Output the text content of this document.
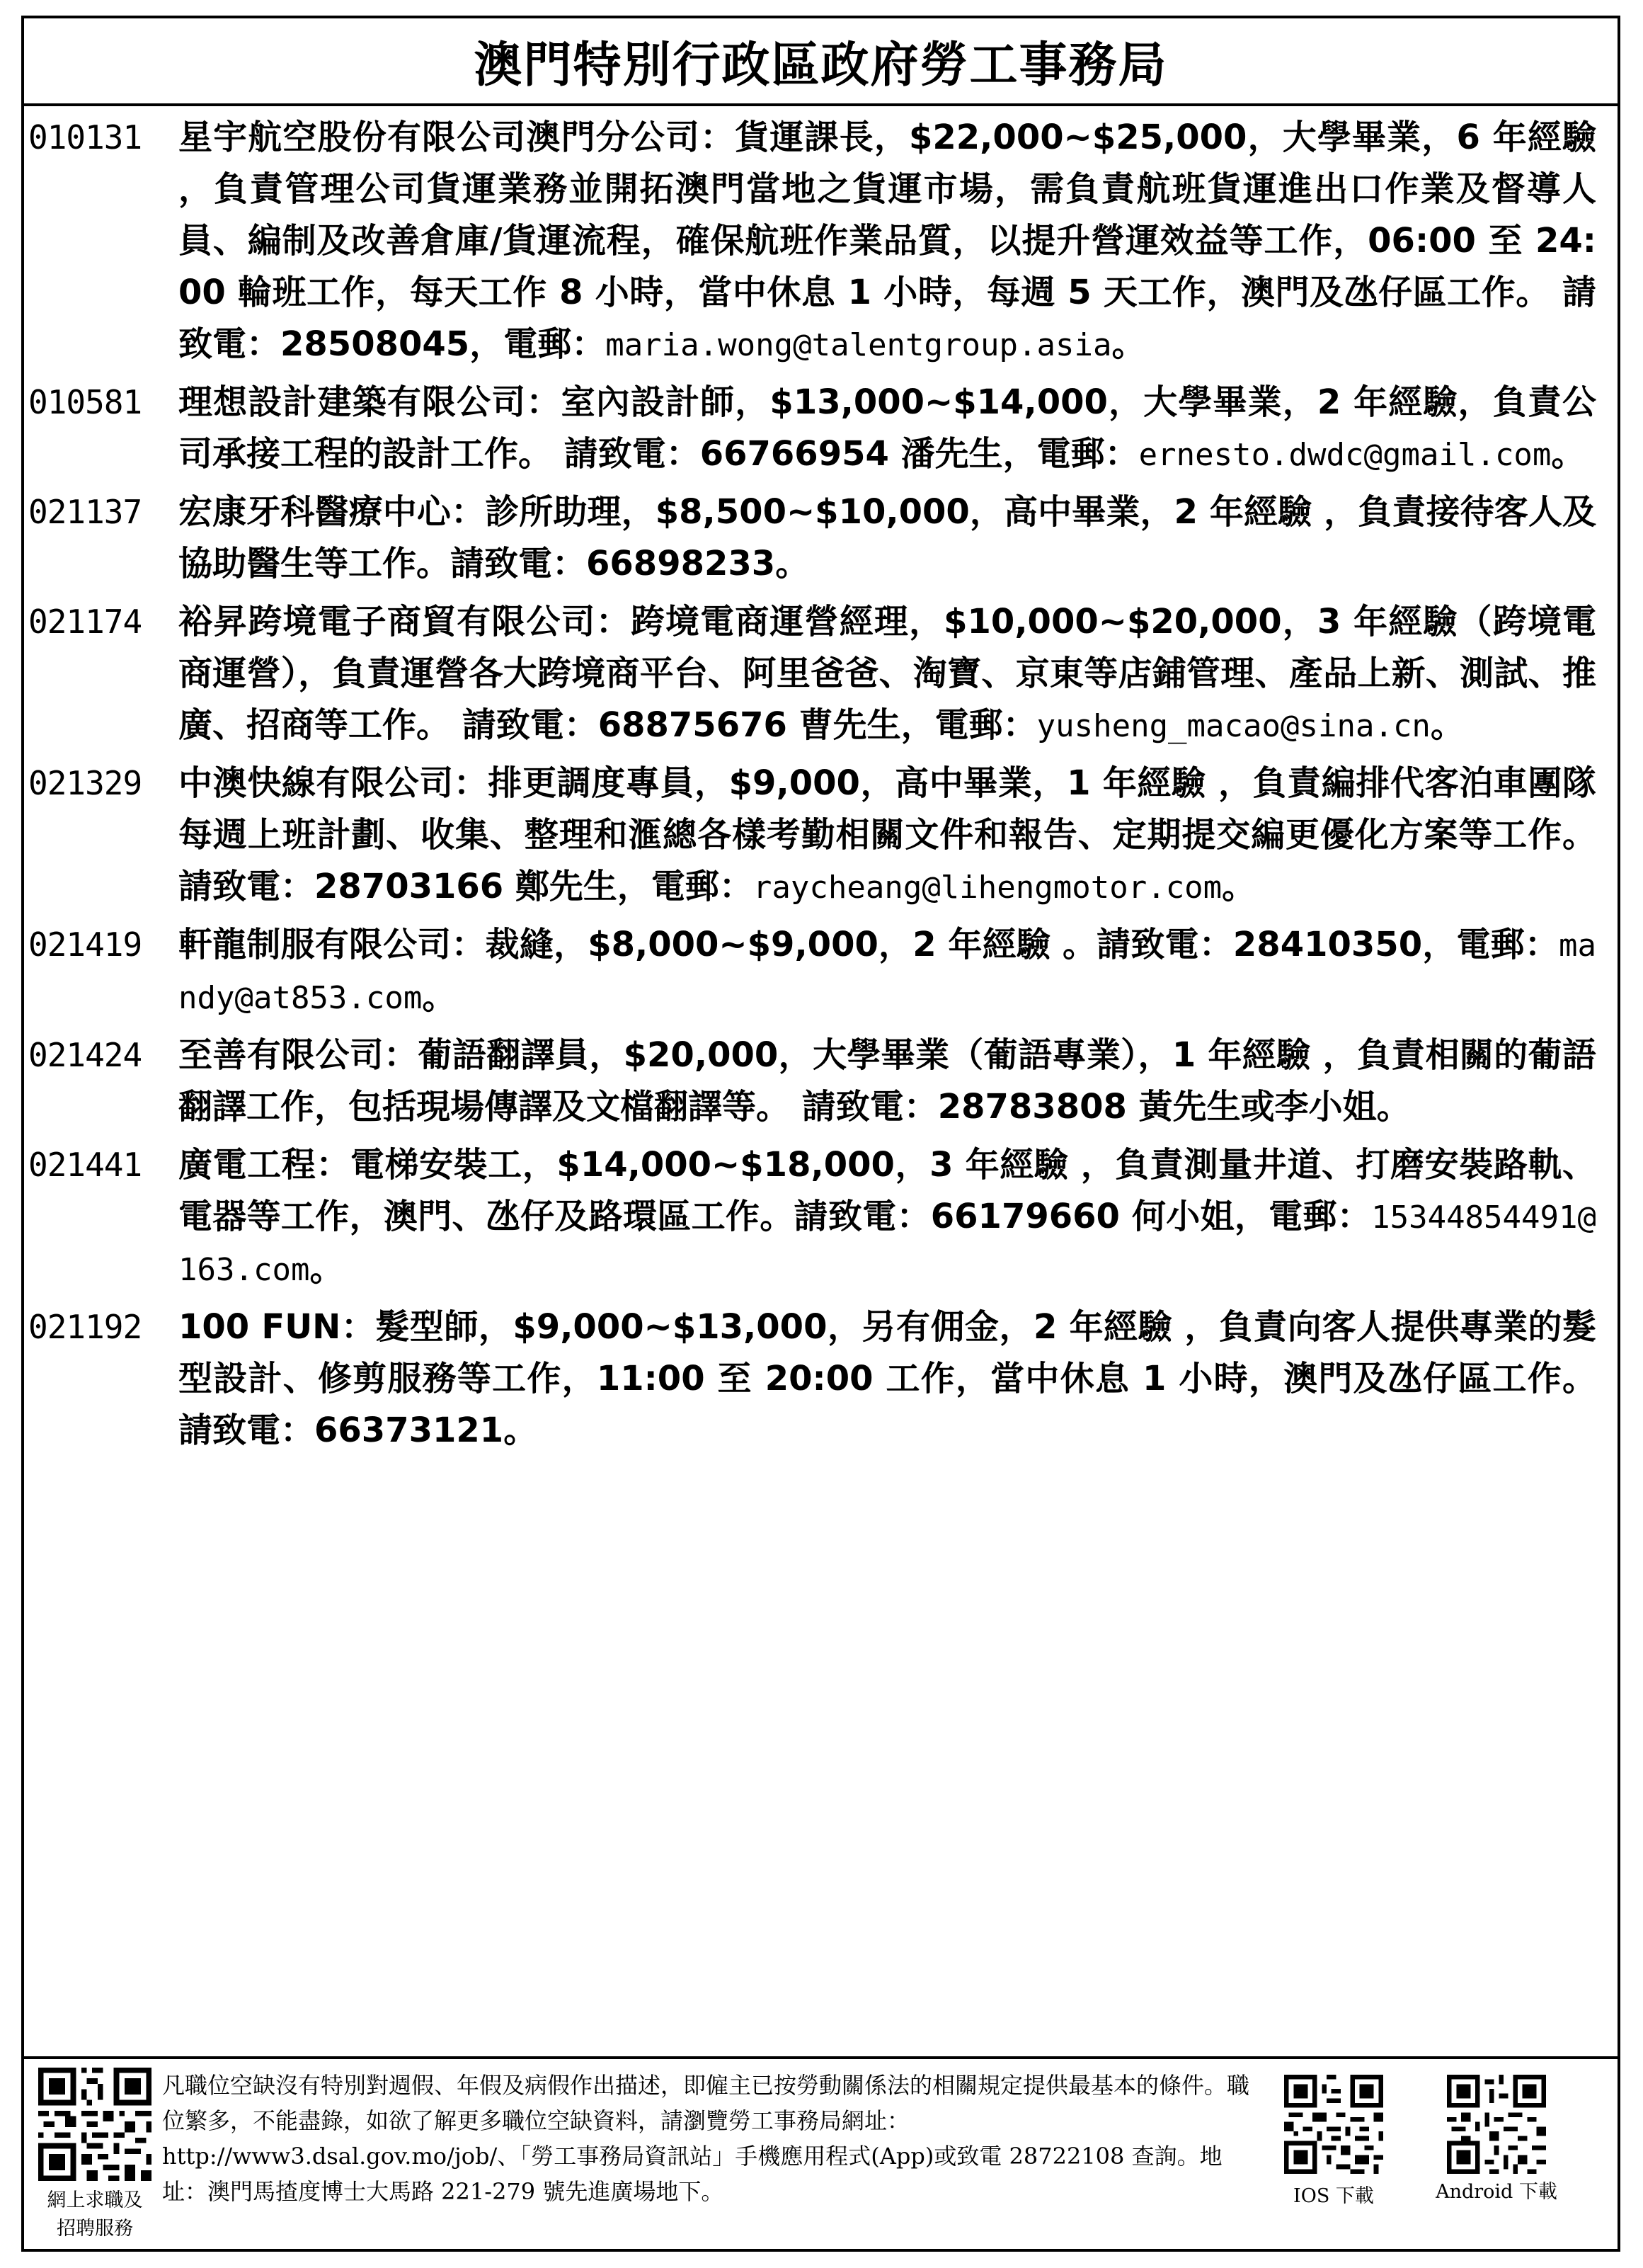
澳門特別行政區政府勞工事務局
010131	星宇航空股份有限公司澳門分公司：貨運課長，$22,000~$25,000，大學畢業，6 年經驗 ，負責管理公司貨運業務並開拓澳門當地之貨運市場，需負責航班貨運進出口作業及督導人員、編制及改善倉庫/貨運流程，確保航班作業品質，以提升營運效益等工作，06:00 至 24:00 輪班工作，每天工作 8 小時，當中休息 1 小時，每週 5 天工作，澳門及氹仔區工作。 請致電：28508045，電郵：maria.wong@talentgroup.asia。
010581	理想設計建築有限公司：室內設計師，$13,000~$14,000，大學畢業，2 年經驗，負責公司承接工程的設計工作。 請致電：66766954 潘先生，電郵：ernesto.dwdc@gmail.com。
021137	宏康牙科醫療中心：診所助理，$8,500~$10,000，高中畢業，2 年經驗 ，負責接待客人及協助醫生等工作。請致電：66898233。
021174	裕昇跨境電子商貿有限公司：跨境電商運營經理，$10,000~$20,000，3 年經驗（跨境電商運營），負責運營各大跨境商平台、阿里爸爸、淘寶、京東等店鋪管理、產品上新、測試、推廣、招商等工作。 請致電：68875676 曹先生，電郵：yusheng_macao@sina.cn。
021329	中澳快線有限公司：排更調度專員，$9,000，高中畢業，1 年經驗 ，負責編排代客泊車團隊每週上班計劃、收集、整理和滙總各樣考勤相關文件和報告、定期提交編更優化方案等工作。 請致電：28703166 鄭先生，電郵：raycheang@lihengmotor.com。
021419	軒龍制服有限公司：裁縫，$8,000~$9,000，2 年經驗 。請致電：28410350，電郵：mandy@at853.com。
021424	至善有限公司：葡語翻譯員，$20,000，大學畢業（葡語專業），1 年經驗 ，負責相關的葡語翻譯工作，包括現場傳譯及文檔翻譯等。 請致電：28783808 黃先生或李小姐。
021441	廣電工程：電梯安裝工，$14,000~$18,000，3 年經驗 ，負責測量井道、打磨安裝路軌、電器等工作，澳門、氹仔及路環區工作。請致電：66179660 何小姐，電郵：15344854491@163.com。
021192	100 FUN：髮型師，$9,000~$13,000，另有佣金，2 年經驗 ，負責向客人提供專業的髮型設計、修剪服務等工作，11:00 至 20:00 工作，當中休息 1 小時，澳門及氹仔區工作。 請致電：66373121。
網上求職及
招聘服務
凡職位空缺沒有特別對週假、年假及病假作出描述，即僱主已按勞動關係法的相關規定提供最基本的條件。職位繁多，不能盡錄，如欲了解更多職位空缺資料，請瀏覽勞工事務局網址：http://www3.dsal.gov.mo/job/、「勞工事務局資訊站」手機應用程式(App)或致電 28722108 查詢。地址：澳門馬揸度博士大馬路 221-279 號先進廣場地下。	IOS 下載	Android 下載
